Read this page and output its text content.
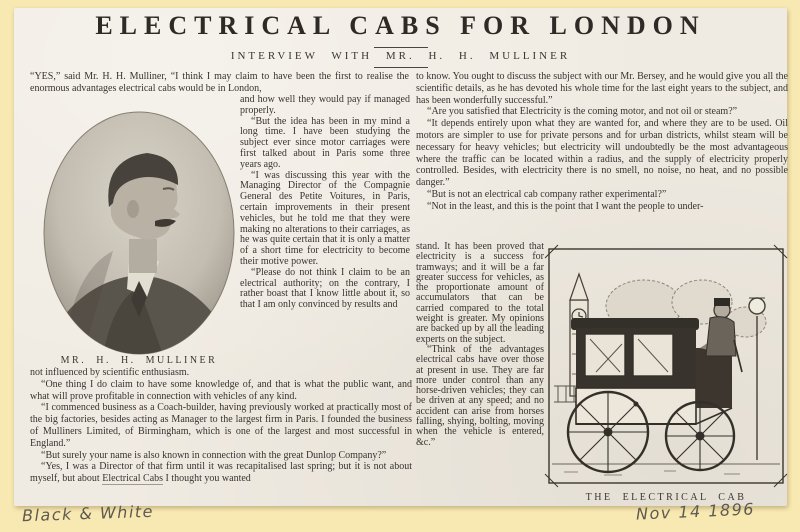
ELECTRICAL CABS FOR LONDON
INTERVIEW WITH MR. H. H. MULLINER

“YES,” said Mr. H. H. Mulliner, “I think I may claim to have been the first to realise the enormous advantages electrical cabs would be in London,

MR. H. H. MULLINER

and how well they would pay if managed properly.

“But the idea has been in my mind a long time. I have been studying the subject ever since motor carriages were first talked about in Paris some three years ago.

“I was discussing this year with the Managing Director of the Compagnie General des Petite Voitures, in Paris, certain improvements in their present vehicles, but he told me that they were making no alterations to their carriages, as he was quite certain that it is only a matter of a short time for electricity to become their motive power.

“Please do not think I claim to be an electrical authority; on the contrary, I rather boast that I know little about it, so that I am only convinced by results and

not influenced by scientific enthusiasm.

“One thing I do claim to have some knowledge of, and that is what the public want, and what will prove profitable in connection with vehicles of any kind.

“I commenced business as a Coach-builder, having previously worked at practically most of the big factories, besides acting as Manager to the largest firm in Paris. I founded the business of Mulliners Limited, of Birmingham, which is one of the largest and most successful in England.”

“But surely your name is also known in connection with the great Dunlop Company?”

“Yes, I was a Director of that firm until it was recapitalised last spring; but it is not about myself, but about Electrical Cabs I thought you wanted

to know. You ought to discuss the subject with our Mr. Bersey, and he would give you all the scientific details, as he has devoted his whole time for the last eight years to the subject, and has been wonderfully successful.”

“Are you satisfied that Electricity is the coming motor, and not oil or steam?”

“It depends entirely upon what they are wanted for, and where they are to be used. Oil motors are simpler to use for private persons and for urban districts, whilst steam will be necessary for heavy vehicles; but electricity will undoubtedly be the most advantageous where the traffic can be located within a radius, and the supply of electricity properly controlled. Besides, with electricity there is no smell, no noise, no heat, and no possible danger.”

“But is not an electrical cab company rather experimental?”

“Not in the least, and this is the point that I want the people to under-

stand. It has been proved that electricity is a success for tramways; and it will be a far greater success for vehicles, as the proportionate amount of accumulators that can be carried compared to the total weight is greater. My opinions are backed up by all the leading experts on the subject.

“Think of the advantages electrical cabs have over those at present in use. They are far more under control than any horse-driven vehicles; they can be driven at any speed; and no accident can arise from horses falling, shying, bolting, moving when the vehicle is entered, &c.”

THE ELECTRICAL CAB
Black & White	Nov 14 1896
